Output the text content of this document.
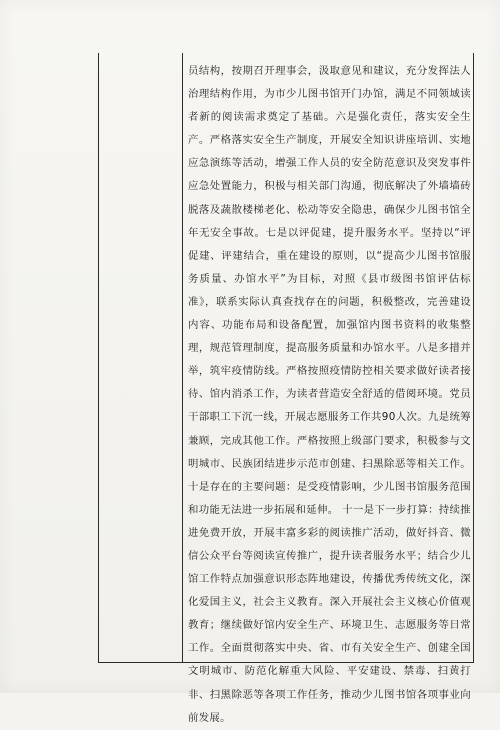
员结构，按期召开理事会，汲取意见和建议，充分发挥法人治理结构作用，为市少儿图书馆开门办馆，满足不同领域读者新的阅读需求奠定了基础。六是强化责任，落实安全生产。严格落实安全生产制度，开展安全知识讲座培训、实地应急演练等活动，增强工作人员的安全防范意识及突发事件应急处置能力，积极与相关部门沟通，彻底解决了外墙墙砖脱落及蔬散楼梯老化、松动等安全隐患，确保少儿图书馆全年无安全事故。七是以评促建，提升服务水平。坚持以“评促建、评建结合，重在建设的原则，以“提高少儿图书馆服务质量、办馆水平”为目标，对照《县市级图书馆评估标准》，联系实际认真查找存在的问题，积极整改，完善建设内容、功能布局和设备配置，加强馆内图书资料的收集整理，规范管理制度，提高服务质量和办馆水平。八是多措并举，筑牢疫情防线。严格按照疫情防控相关要求做好读者接待、馆内消杀工作，为读者营造安全舒适的借阅环境。党员干部职工下沉一线，开展志愿服务工作共90人次。九是统筹兼顾，完成其他工作。严格按照上级部门要求，积极参与文明城市、民族团结进步示范市创建、扫黑除恶等相关工作。十是存在的主要问题：是受疫情影响，少儿图书馆服务范围和功能无法进一步拓展和延伸。 十一是下一步打算：持续推进免费开放，开展丰富多彩的阅读推广活动，做好抖音、微信公众平台等阅读宣传推广，提升读者服务水平；结合少儿馆工作特点加强意识形态阵地建设，传播优秀传统文化，深化爱国主义，社会主义教育。深入开展社会主义核心价值观教育；继续做好馆内安全生产、环境卫生、志愿服务等日常工作。全面贯彻落实中央、省、市有关安全生产、创建全国文明城市、防范化解重大风险、平安建设、禁毒、扫黄打非、扫黑除恶等各项工作任务，推动少儿图书馆各项事业向前发展。
